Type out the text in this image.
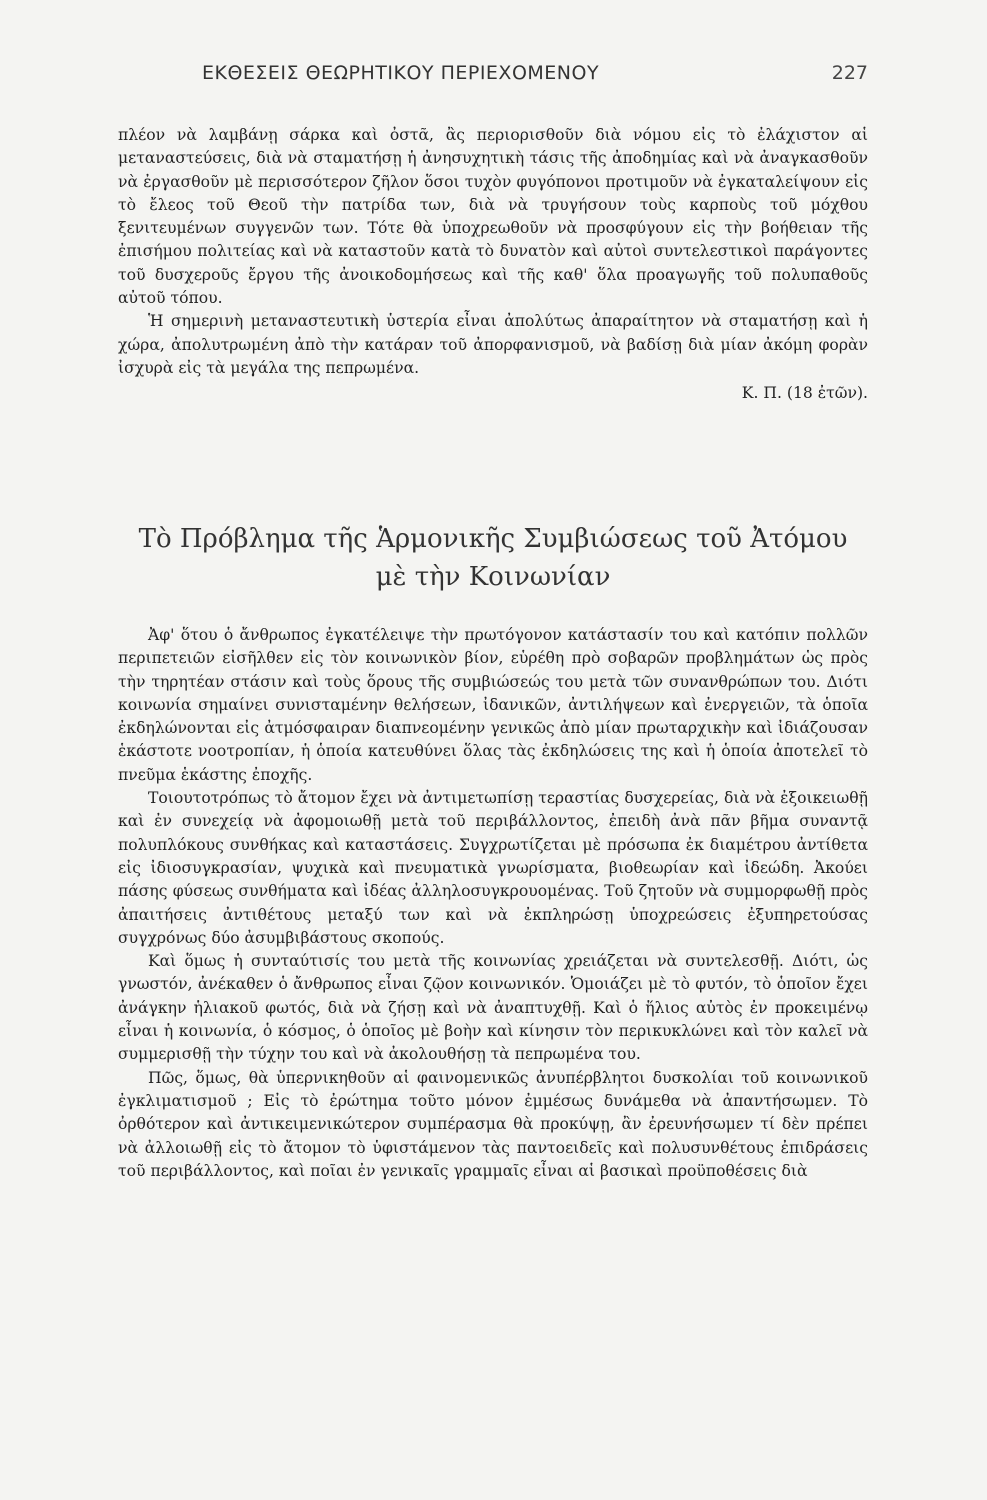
ΕΚΘΕΣΕΙΣ ΘΕΩΡΗΤΙΚΟΥ ΠΕΡΙΕΧΟΜΕΝΟΥ	227

πλέον νὰ λαμβάνῃ σάρκα καὶ ὀστᾶ, ἂς περιορισθοῦν διὰ νόμου εἰς τὸ ἐλάχιστον αἱ μεταναστεύσεις, διὰ νὰ σταματήσῃ ἡ ἀνησυχητικὴ τάσις τῆς ἀποδημίας καὶ νὰ ἀναγκασθοῦν νὰ ἐργασθοῦν μὲ περισσότερον ζῆλον ὅσοι τυχὸν φυγόπονοι προτιμοῦν νὰ ἐγκαταλείψουν εἰς τὸ ἔλεος τοῦ Θεοῦ τὴν πατρίδα των, διὰ νὰ τρυγήσουν τοὺς καρποὺς τοῦ μόχθου ξενιτευμένων συγγενῶν των. Τότε θὰ ὑποχρεωθοῦν νὰ προσφύγουν εἰς τὴν βοήθειαν τῆς ἐπισήμου πολιτείας καὶ νὰ καταστοῦν κατὰ τὸ δυνατὸν καὶ αὐτοὶ συντελεστικοὶ παράγοντες τοῦ δυσχεροῦς ἔργου τῆς ἀνοικοδομήσεως καὶ τῆς καθ' ὅλα προαγωγῆς τοῦ πολυπαθοῦς αὐτοῦ τόπου.

Ἡ σημερινὴ μεταναστευτικὴ ὑστερία εἶναι ἀπολύτως ἀπαραίτητον νὰ σταματήσῃ καὶ ἡ χώρα, ἀπολυτρωμένη ἀπὸ τὴν κατάραν τοῦ ἀπορφανισμοῦ, νὰ βαδίσῃ διὰ μίαν ἀκόμη φορὰν ἰσχυρὰ εἰς τὰ μεγάλα της πεπρωμένα.

Κ. Π. (18 ἐτῶν).
Τὸ Πρόβλημα τῆς Ἁρμονικῆς Συμβιώσεως τοῦ Ἀτόμου
μὲ τὴν Κοινωνίαν

Ἀφ' ὅτου ὁ ἄνθρωπος ἐγκατέλειψε τὴν πρωτόγονον κατάστασίν του καὶ κατόπιν πολλῶν περιπετειῶν εἰσῆλθεν εἰς τὸν κοινωνικὸν βίον, εὑρέθη πρὸ σοβαρῶν προβλημάτων ὡς πρὸς τὴν τηρητέαν στάσιν καὶ τοὺς ὅρους τῆς συμβιώσεώς του μετὰ τῶν συνανθρώπων του. Διότι κοινωνία σημαίνει συνισταμένην θελήσεων, ἰδανικῶν, ἀντιλήψεων καὶ ἐνεργειῶν, τὰ ὁποῖα ἐκδηλώνονται εἰς ἀτμόσφαιραν διαπνεομένην γενικῶς ἀπὸ μίαν πρωταρχικὴν καὶ ἰδιάζουσαν ἑκάστοτε νοοτροπίαν, ἡ ὁποία κατευθύνει ὅλας τὰς ἐκδηλώσεις της καὶ ἡ ὁποία ἀποτελεῖ τὸ πνεῦμα ἑκάστης ἐποχῆς.

Τοιουτοτρόπως τὸ ἄτομον ἔχει νὰ ἀντιμετωπίσῃ τεραστίας δυσχερείας, διὰ νὰ ἐξοικειωθῇ καὶ ἐν συνεχείᾳ νὰ ἀφομοιωθῇ μετὰ τοῦ περιβάλλοντος, ἐπειδὴ ἀνὰ πᾶν βῆμα συναντᾷ πολυπλόκους συνθήκας καὶ καταστάσεις. Συγχρωτίζεται μὲ πρόσωπα ἐκ διαμέτρου ἀντίθετα εἰς ἰδιοσυγκρασίαν, ψυχικὰ καὶ πνευματικὰ γνωρίσματα, βιοθεωρίαν καὶ ἰδεώδη. Ἀκούει πάσης φύσεως συνθήματα καὶ ἰδέας ἀλληλοσυγκρουομένας. Τοῦ ζητοῦν νὰ συμμορφωθῇ πρὸς ἀπαιτήσεις ἀντιθέτους μεταξύ των καὶ νὰ ἐκπληρώσῃ ὑποχρεώσεις ἐξυπηρετούσας συγχρόνως δύο ἀσυμβιβάστους σκοπούς.

Καὶ ὅμως ἡ συνταύτισίς του μετὰ τῆς κοινωνίας χρειάζεται νὰ συντελεσθῇ. Διότι, ὡς γνωστόν, ἀνέκαθεν ὁ ἄνθρωπος εἶναι ζῷον κοινωνικόν. Ὁμοιάζει μὲ τὸ φυτόν, τὸ ὁποῖον ἔχει ἀνάγκην ἡλιακοῦ φωτός, διὰ νὰ ζήσῃ καὶ νὰ ἀναπτυχθῇ. Καὶ ὁ ἥλιος αὐτὸς ἐν προκειμένῳ εἶναι ἡ κοινωνία, ὁ κόσμος, ὁ ὁποῖος μὲ βοὴν καὶ κίνησιν τὸν περικυκλώνει καὶ τὸν καλεῖ νὰ συμμερισθῇ τὴν τύχην του καὶ νὰ ἀκολουθήσῃ τὰ πεπρωμένα του.

Πῶς, ὅμως, θὰ ὑπερνικηθοῦν αἱ φαινομενικῶς ἀνυπέρβλητοι δυσκολίαι τοῦ κοινωνικοῦ ἐγκλιματισμοῦ ; Εἰς τὸ ἐρώτημα τοῦτο μόνον ἐμμέσως δυνάμεθα νὰ ἀπαντήσωμεν. Τὸ ὀρθότερον καὶ ἀντικειμενικώτερον συμπέρασμα θὰ προκύψῃ, ἂν ἐρευνήσωμεν τί δὲν πρέπει νὰ ἀλλοιωθῇ εἰς τὸ ἄτομον τὸ ὑφιστάμενον τὰς παντοειδεῖς καὶ πολυσυνθέτους ἐπιδράσεις τοῦ περιβάλλοντος, καὶ ποῖαι ἐν γενικαῖς γραμμαῖς εἶναι αἱ βασικαὶ προϋποθέσεις διὰ
